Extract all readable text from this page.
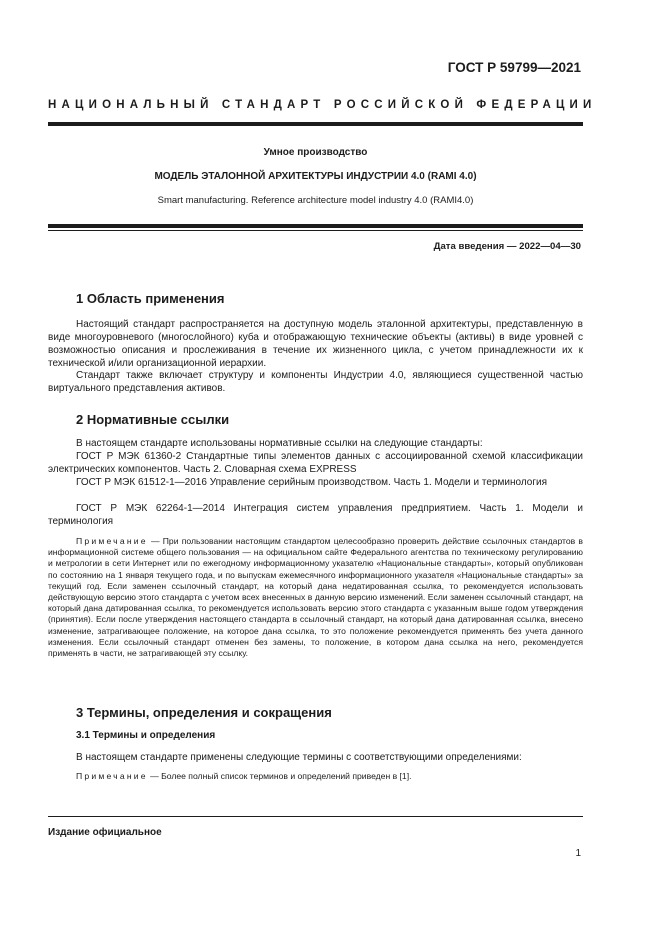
ГОСТ Р 59799—2021
НАЦИОНАЛЬНЫЙ СТАНДАРТ РОССИЙСКОЙ ФЕДЕРАЦИИ
Умное производство
МОДЕЛЬ ЭТАЛОННОЙ АРХИТЕКТУРЫ ИНДУСТРИИ 4.0 (RAMI 4.0)
Smart manufacturing. Reference architecture model industry 4.0 (RAMI4.0)
Дата введения — 2022—04—30
1 Область применения
Настоящий стандарт распространяется на доступную модель эталонной архитектуры, представленную в виде многоуровневого (многослойного) куба и отображающую технические объекты (активы) в виде уровней с возможностью описания и прослеживания в течение их жизненного цикла, с учетом принадлежности их к технической и/или организационной иерархии.
Стандарт также включает структуру и компоненты Индустрии 4.0, являющиеся существенной частью виртуального представления активов.
2 Нормативные ссылки
В настоящем стандарте использованы нормативные ссылки на следующие стандарты:
ГОСТ Р МЭК 61360-2 Стандартные типы элементов данных с ассоциированной схемой классификации электрических компонентов. Часть 2. Словарная схема EXPRESS
ГОСТ Р МЭК 61512-1—2016 Управление серийным производством. Часть 1. Модели и терминология
ГОСТ Р МЭК 62264-1—2014 Интеграция систем управления предприятием. Часть 1. Модели и терминология
Примечание — При пользовании настоящим стандартом целесообразно проверить действие ссылочных стандартов в информационной системе общего пользования — на официальном сайте Федерального агентства по техническому регулированию и метрологии в сети Интернет или по ежегодному информационному указателю «Национальные стандарты», который опубликован по состоянию на 1 января текущего года, и по выпускам ежемесячного информационного указателя «Национальные стандарты» за текущий год. Если заменен ссылочный стандарт, на который дана недатированная ссылка, то рекомендуется использовать действующую версию этого стандарта с учетом всех внесенных в данную версию изменений. Если заменен ссылочный стандарт, на который дана датированная ссылка, то рекомендуется использовать версию этого стандарта с указанным выше годом утверждения (принятия). Если после утверждения настоящего стандарта в ссылочный стандарт, на который дана датированная ссылка, внесено изменение, затрагивающее положение, на которое дана ссылка, то это положение рекомендуется применять без учета данного изменения. Если ссылочный стандарт отменен без замены, то положение, в котором дана ссылка на него, рекомендуется применять в части, не затрагивающей эту ссылку.
3 Термины, определения и сокращения
3.1 Термины и определения
В настоящем стандарте применены следующие термины с соответствующими определениями:
Примечание — Более полный список терминов и определений приведен в [1].
Издание официальное
1
